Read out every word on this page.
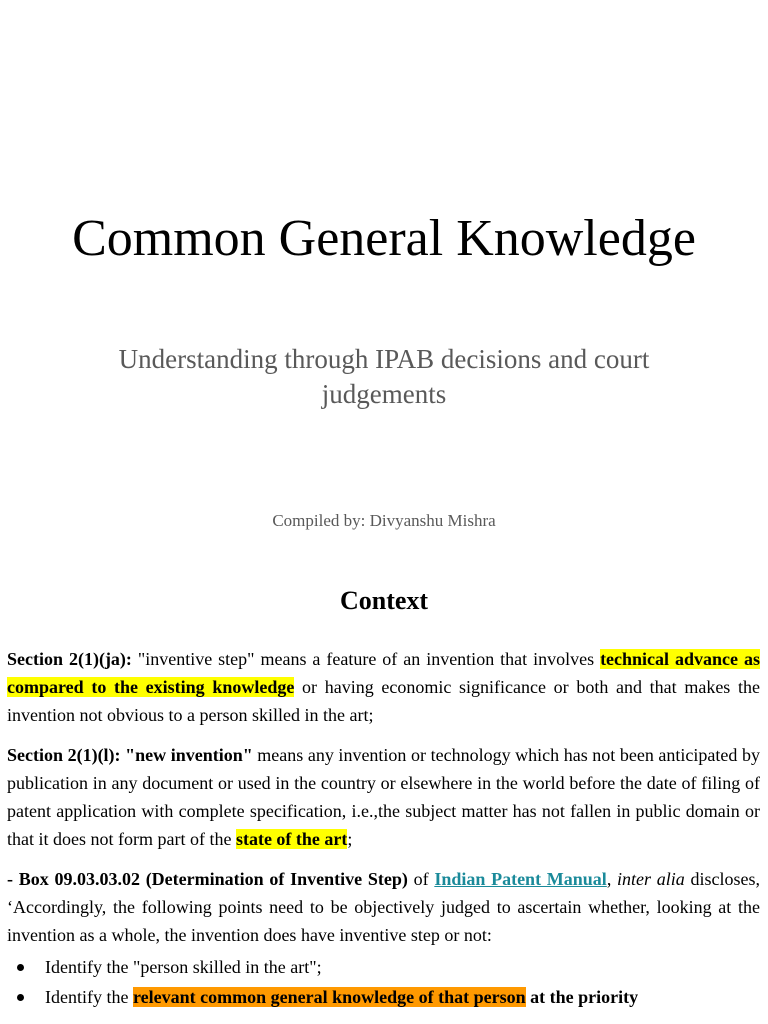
Common General Knowledge
Understanding through IPAB decisions and court judgements
Compiled by: Divyanshu Mishra
Context

Section 2(1)(ja): "inventive step" means a feature of an invention that involves technical advance as compared to the existing knowledge or having economic significance or both and that makes the invention not obvious to a person skilled in the art;

Section 2(1)(l): "new invention" means any invention or technology which has not been anticipated by publication in any document or used in the country or elsewhere in the world before the date of filing of patent application with complete specification, i.e.,the subject matter has not fallen in public domain or that it does not form part of the state of the art;

- Box 09.03.03.02 (Determination of Inventive Step) of Indian Patent Manual, inter alia discloses, ‘Accordingly, the following points need to be objectively judged to ascertain whether, looking at the invention as a whole, the invention does have inventive step or not:

Identify the "person skilled in the art";
Identify the relevant common general knowledge of that person at the priority
